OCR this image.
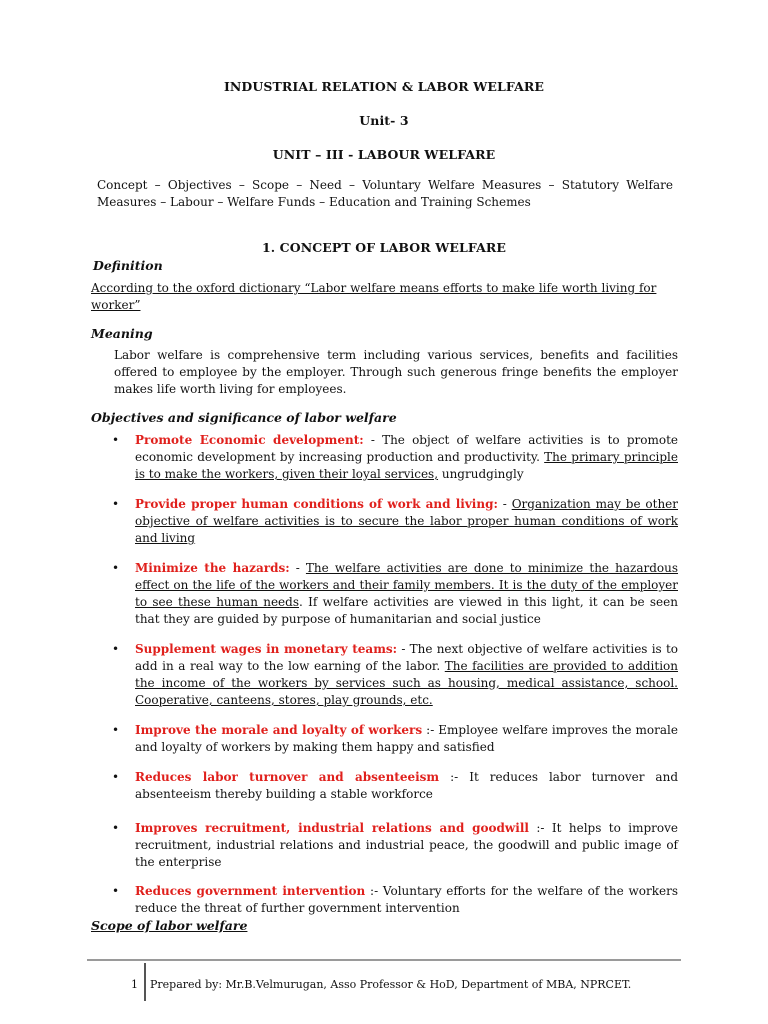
INDUSTRIAL RELATION & LABOR WELFARE
Unit- 3
UNIT – III - LABOUR WELFARE
Concept – Objectives – Scope – Need – Voluntary Welfare Measures – Statutory Welfare Measures – Labour – Welfare Funds – Education and Training Schemes
1. CONCEPT OF LABOR WELFARE
Definition
According to the oxford dictionary “Labor welfare means efforts to make life worth living for worker”
Meaning
Labor welfare is comprehensive term including various services, benefits and facilities offered to employee by the employer. Through such generous fringe benefits the employer makes life worth living for employees.
Objectives and significance of labor welfare
• Promote Economic development: - The object of welfare activities is to promote economic development by increasing production and productivity. The primary principle is to make the workers, given their loyal services, ungrudgingly
• Provide proper human conditions of work and living: - Organization may be other objective of welfare activities is to secure the labor proper human conditions of work and living
• Minimize the hazards: - The welfare activities are done to minimize the hazardous effect on the life of the workers and their family members. It is the duty of the employer to see these human needs. If welfare activities are viewed in this light, it can be seen that they are guided by purpose of humanitarian and social justice
• Supplement wages in monetary teams: - The next objective of welfare activities is to add in a real way to the low earning of the labor. The facilities are provided to addition the income of the workers by services such as housing, medical assistance, school. Cooperative, canteens, stores, play grounds, etc.
• Improve the morale and loyalty of workers :- Employee welfare improves the morale and loyalty of workers by making them happy and satisfied
• Reduces labor turnover and absenteeism :- It reduces labor turnover and absenteeism thereby building a stable workforce
• Improves recruitment, industrial relations and goodwill :- It helps to improve recruitment, industrial relations and industrial peace, the goodwill and public image of the enterprise
• Reduces government intervention :- Voluntary efforts for the welfare of the workers reduce the threat of further government intervention
Scope of labor welfare
1 Prepared by: Mr.B.Velmurugan, Asso Professor & HoD, Department of MBA, NPRCET.
